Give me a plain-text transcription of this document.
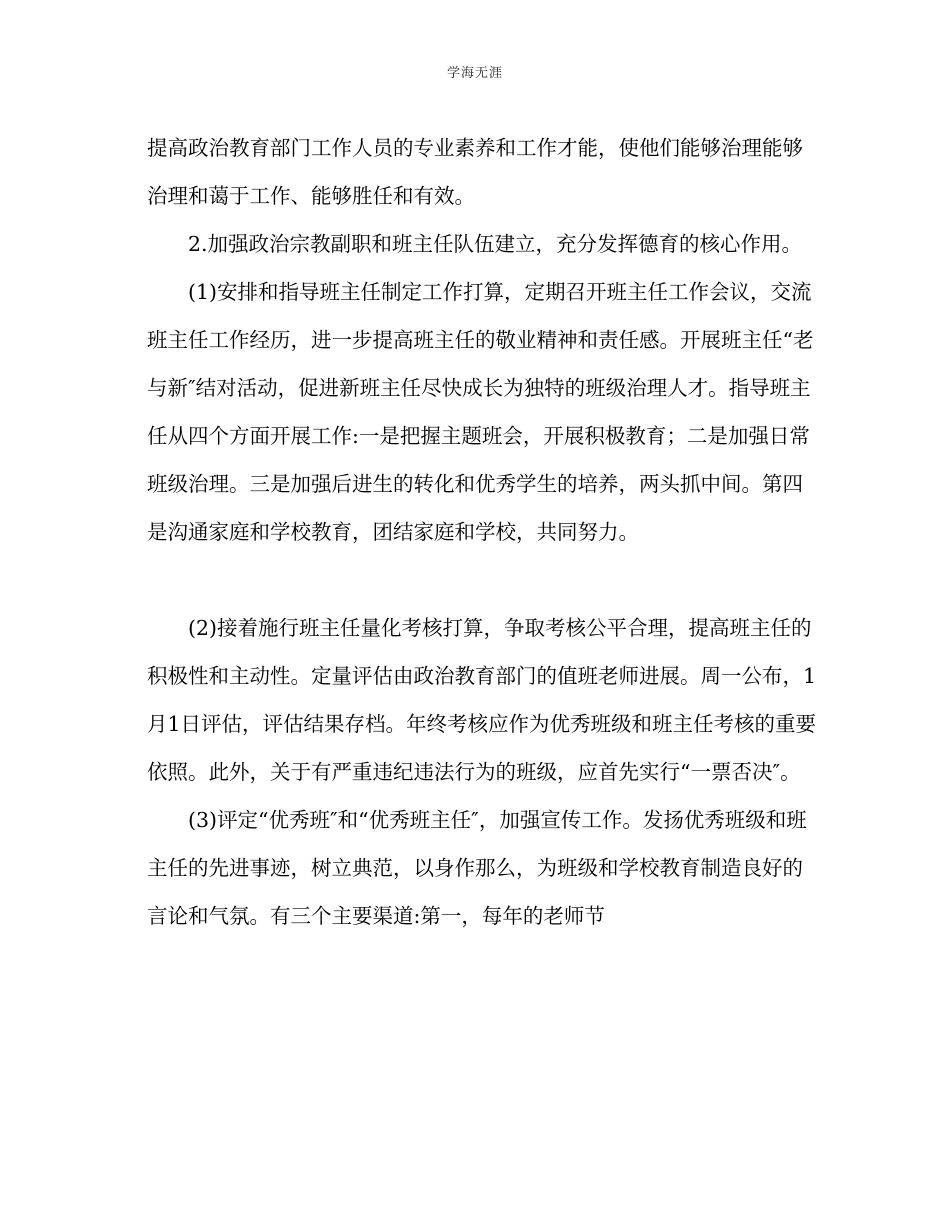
学海无涯

提高政治教育部门工作人员的专业素养和工作才能，使他们能够治理能够治理和蔼于工作、能够胜任和有效。

2.加强政治宗教副职和班主任队伍建立，充分发挥德育的核心作用。

(1)安排和指导班主任制定工作打算，定期召开班主任工作会议，交流班主任工作经历，进一步提高班主任的敬业精神和责任感。开展班主任“老与新″结对活动，促进新班主任尽快成长为独特的班级治理人才。指导班主任从四个方面开展工作:一是把握主题班会，开展积极教育；二是加强日常班级治理。三是加强后进生的转化和优秀学生的培养，两头抓中间。第四是沟通家庭和学校教育，团结家庭和学校，共同努力。

(2)接着施行班主任量化考核打算，争取考核公平合理，提高班主任的积极性和主动性。定量评估由政治教育部门的值班老师进展。周一公布，1月1日评估，评估结果存档。年终考核应作为优秀班级和班主任考核的重要依照。此外，关于有严重违纪违法行为的班级，应首先实行“一票否决″。

(3)评定“优秀班″和“优秀班主任″，加强宣传工作。发扬优秀班级和班主任的先进事迹，树立典范，以身作那么，为班级和学校教育制造良好的言论和气氛。有三个主要渠道:第一，每年的老师节
